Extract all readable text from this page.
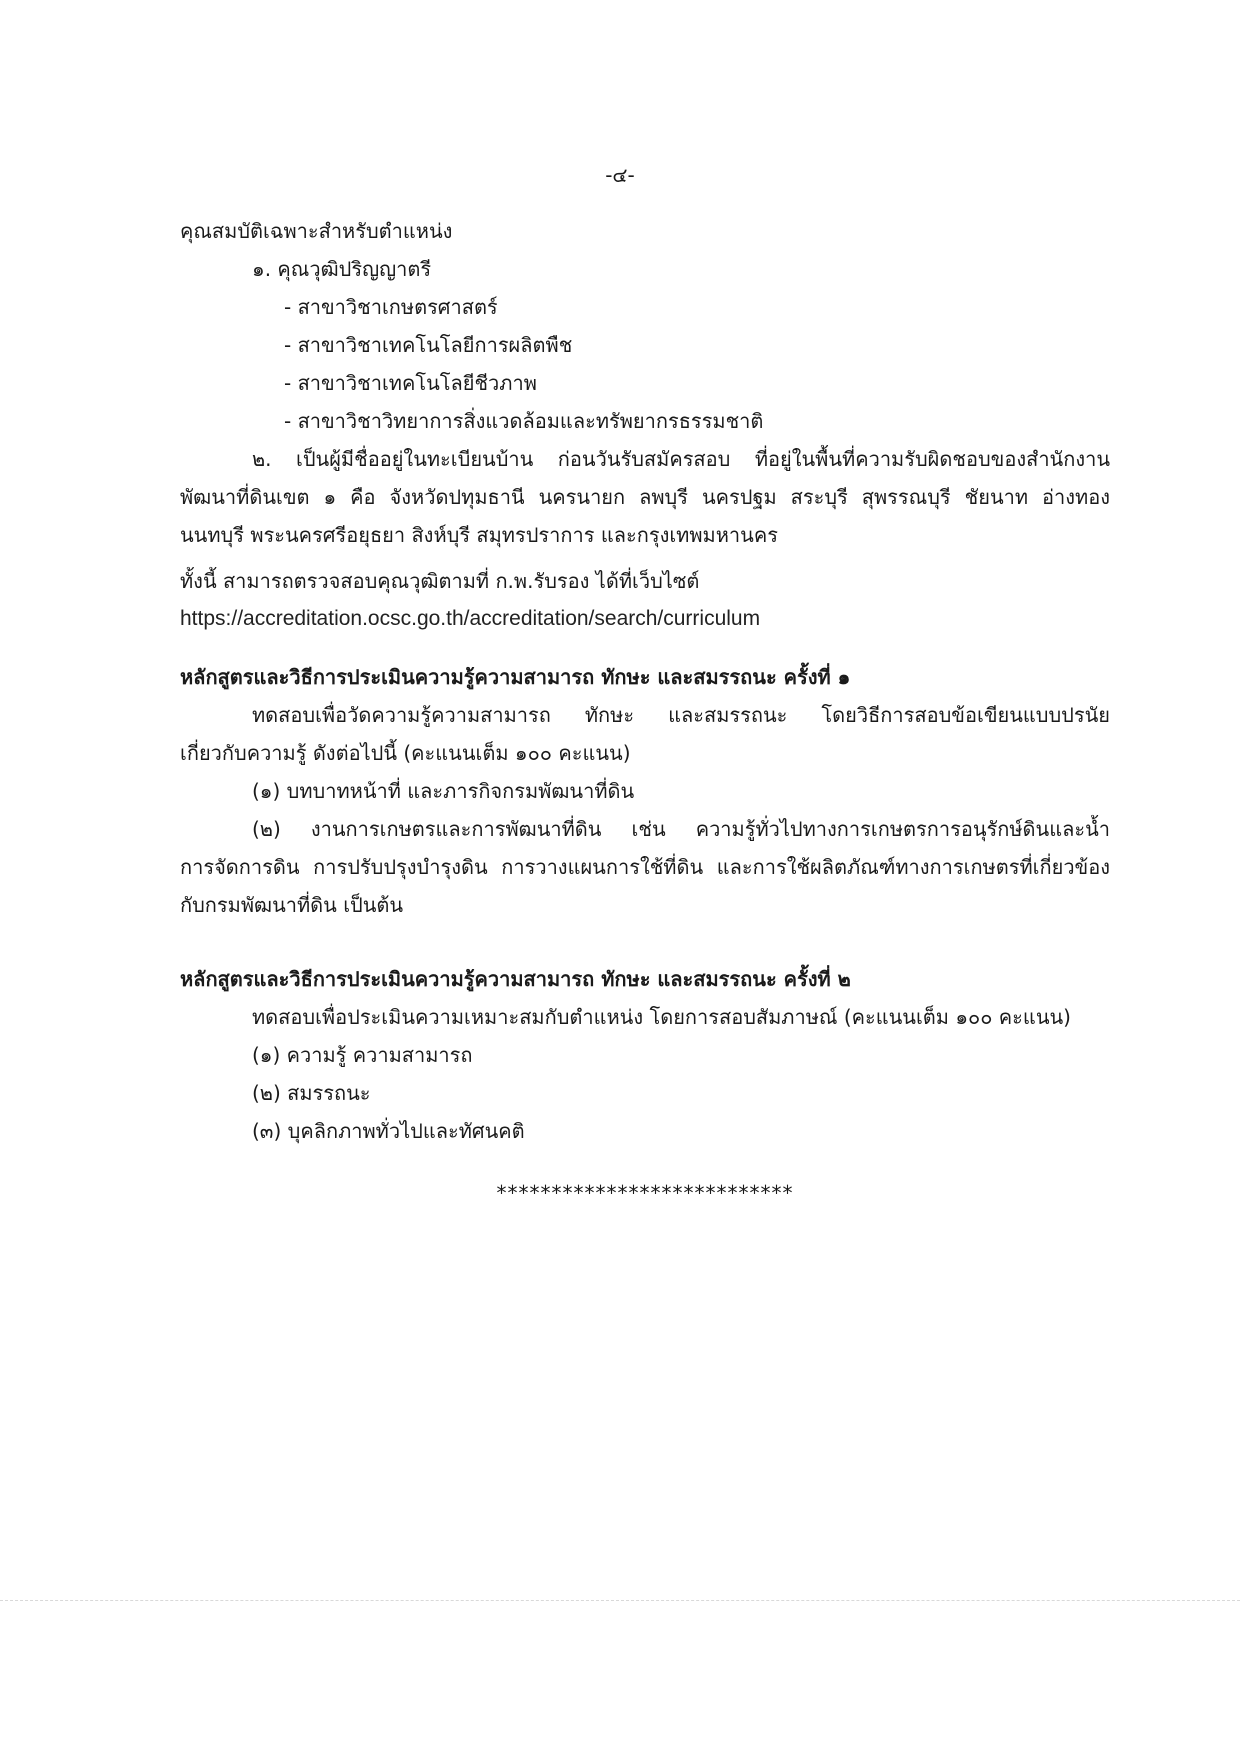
-๔-

คุณสมบัติเฉพาะสำหรับตำแหน่ง

๑. คุณวุฒิปริญญาตรี

- สาขาวิชาเกษตรศาสตร์

- สาขาวิชาเทคโนโลยีการผลิตพืช

- สาขาวิชาเทคโนโลยีชีวภาพ

- สาขาวิชาวิทยาการสิ่งแวดล้อมและทรัพยากรธรรมชาติ

๒. เป็นผู้มีชื่ออยู่ในทะเบียนบ้าน ก่อนวันรับสมัครสอบ ที่อยู่ในพื้นที่ความรับผิดชอบของสำนักงาน

พัฒนาที่ดินเขต ๑ คือ จังหวัดปทุมธานี นครนายก ลพบุรี นครปฐม สระบุรี สุพรรณบุรี ชัยนาท อ่างทอง

นนทบุรี พระนครศรีอยุธยา สิงห์บุรี สมุทรปราการ และกรุงเทพมหานคร

ทั้งนี้ สามารถตรวจสอบคุณวุฒิตามที่ ก.พ.รับรอง ได้ที่เว็บไซต์

https://accreditation.ocsc.go.th/accreditation/search/curriculum

หลักสูตรและวิธีการประเมินความรู้ความสามารถ ทักษะ และสมรรถนะ ครั้งที่ ๑

ทดสอบเพื่อวัดความรู้ความสามารถ ทักษะ และสมรรถนะ โดยวิธีการสอบข้อเขียนแบบปรนัย

เกี่ยวกับความรู้ ดังต่อไปนี้ (คะแนนเต็ม ๑๐๐ คะแนน)

(๑) บทบาทหน้าที่ และภารกิจกรมพัฒนาที่ดิน

(๒) งานการเกษตรและการพัฒนาที่ดิน เช่น ความรู้ทั่วไปทางการเกษตรการอนุรักษ์ดินและน้ำ

การจัดการดิน การปรับปรุงบำรุงดิน การวางแผนการใช้ที่ดิน และการใช้ผลิตภัณฑ์ทางการเกษตรที่เกี่ยวข้อง

กับกรมพัฒนาที่ดิน เป็นต้น

หลักสูตรและวิธีการประเมินความรู้ความสามารถ ทักษะ และสมรรถนะ ครั้งที่ ๒

ทดสอบเพื่อประเมินความเหมาะสมกับตำแหน่ง โดยการสอบสัมภาษณ์ (คะแนนเต็ม ๑๐๐ คะแนน)

(๑) ความรู้ ความสามารถ

(๒) สมรรถนะ

(๓) บุคลิกภาพทั่วไปและทัศนคติ

***************************
